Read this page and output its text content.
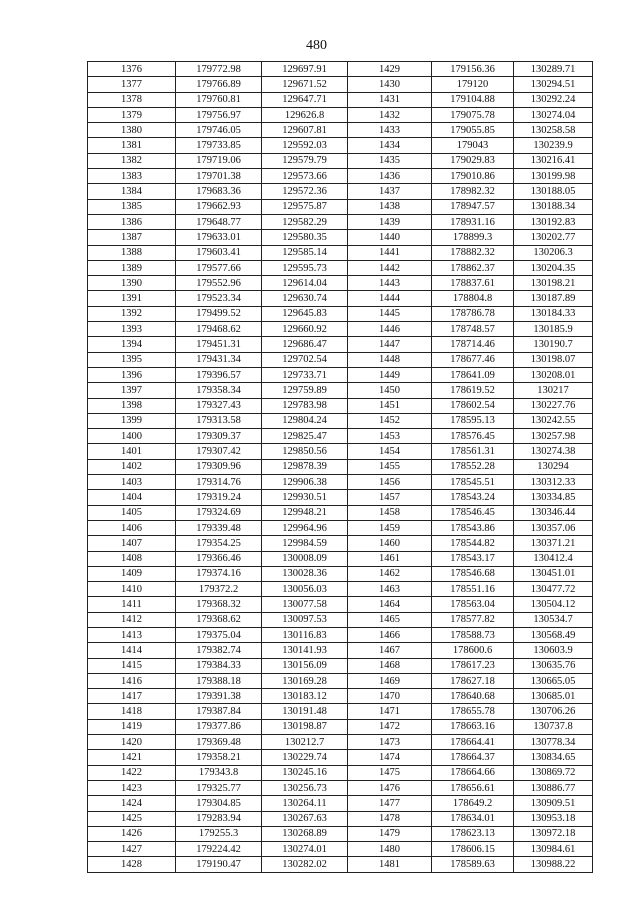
480
1376	179772.98	129697.91	1429	179156.36	130289.71
1377	179766.89	129671.52	1430	179120	130294.51
1378	179760.81	129647.71	1431	179104.88	130292.24
1379	179756.97	129626.8	1432	179075.78	130274.04
1380	179746.05	129607.81	1433	179055.85	130258.58
1381	179733.85	129592.03	1434	179043	130239.9
1382	179719.06	129579.79	1435	179029.83	130216.41
1383	179701.38	129573.66	1436	179010.86	130199.98
1384	179683.36	129572.36	1437	178982.32	130188.05
1385	179662.93	129575.87	1438	178947.57	130188.34
1386	179648.77	129582.29	1439	178931.16	130192.83
1387	179633.01	129580.35	1440	178899.3	130202.77
1388	179603.41	129585.14	1441	178882.32	130206.3
1389	179577.66	129595.73	1442	178862.37	130204.35
1390	179552.96	129614.04	1443	178837.61	130198.21
1391	179523.34	129630.74	1444	178804.8	130187.89
1392	179499.52	129645.83	1445	178786.78	130184.33
1393	179468.62	129660.92	1446	178748.57	130185.9
1394	179451.31	129686.47	1447	178714.46	130190.7
1395	179431.34	129702.54	1448	178677.46	130198.07
1396	179396.57	129733.71	1449	178641.09	130208.01
1397	179358.34	129759.89	1450	178619.52	130217
1398	179327.43	129783.98	1451	178602.54	130227.76
1399	179313.58	129804.24	1452	178595.13	130242.55
1400	179309.37	129825.47	1453	178576.45	130257.98
1401	179307.42	129850.56	1454	178561.31	130274.38
1402	179309.96	129878.39	1455	178552.28	130294
1403	179314.76	129906.38	1456	178545.51	130312.33
1404	179319.24	129930.51	1457	178543.24	130334.85
1405	179324.69	129948.21	1458	178546.45	130346.44
1406	179339.48	129964.96	1459	178543.86	130357.06
1407	179354.25	129984.59	1460	178544.82	130371.21
1408	179366.46	130008.09	1461	178543.17	130412.4
1409	179374.16	130028.36	1462	178546.68	130451.01
1410	179372.2	130056.03	1463	178551.16	130477.72
1411	179368.32	130077.58	1464	178563.04	130504.12
1412	179368.62	130097.53	1465	178577.82	130534.7
1413	179375.04	130116.83	1466	178588.73	130568.49
1414	179382.74	130141.93	1467	178600.6	130603.9
1415	179384.33	130156.09	1468	178617.23	130635.76
1416	179388.18	130169.28	1469	178627.18	130665.05
1417	179391.38	130183.12	1470	178640.68	130685.01
1418	179387.84	130191.48	1471	178655.78	130706.26
1419	179377.86	130198.87	1472	178663.16	130737.8
1420	179369.48	130212.7	1473	178664.41	130778.34
1421	179358.21	130229.74	1474	178664.37	130834.65
1422	179343.8	130245.16	1475	178664.66	130869.72
1423	179325.77	130256.73	1476	178656.61	130886.77
1424	179304.85	130264.11	1477	178649.2	130909.51
1425	179283.94	130267.63	1478	178634.01	130953.18
1426	179255.3	130268.89	1479	178623.13	130972.18
1427	179224.42	130274.01	1480	178606.15	130984.61
1428	179190.47	130282.02	1481	178589.63	130988.22
